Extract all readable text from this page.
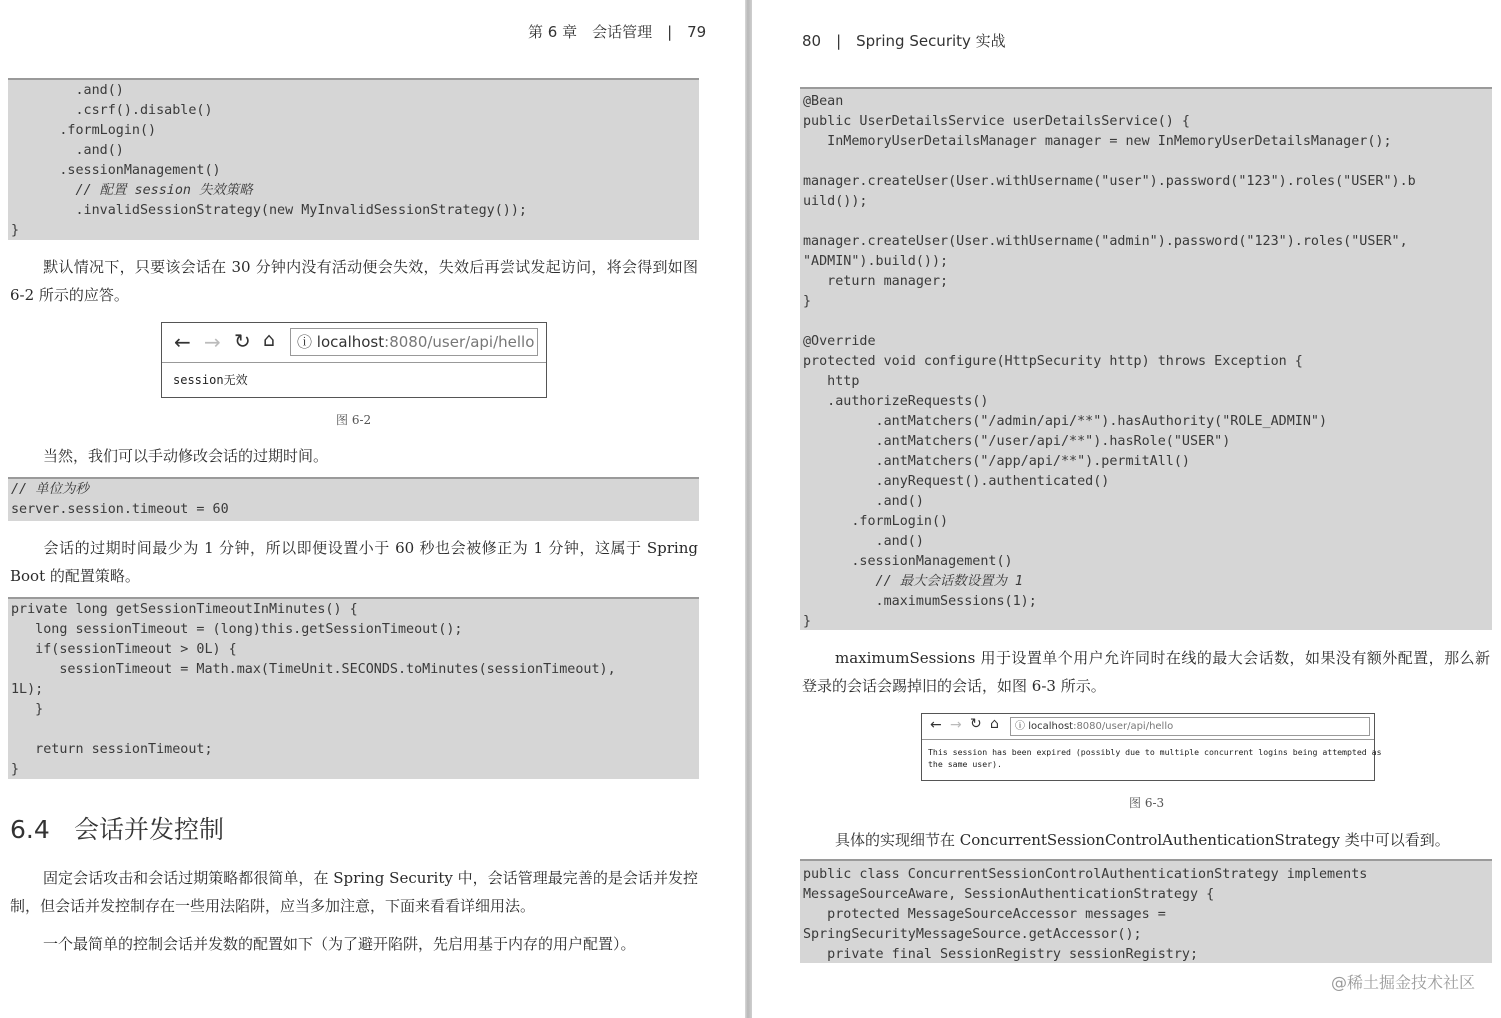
第 6 章　会话管理　|　79
.and()
.csrf().disable()
.formLogin()
.and()
.sessionManagement()
// 配置 session 失效策略
.invalidSessionStrategy(new MyInvalidSessionStrategy());
}

默认情况下，只要该会话在 30 分钟内没有活动便会失效，失效后再尝试发起访问，将会得到如图 6-2 所示的应答。

← → ↻ ⌂	ⓘ localhost:8080/user/api/hello
session无效
图 6-2

当然，我们可以手动修改会话的过期时间。

// 单位为秒
server.session.timeout = 60

会话的过期时间最少为 1 分钟，所以即便设置小于 60 秒也会被修正为 1 分钟，这属于 Spring Boot 的配置策略。

private long getSessionTimeoutInMinutes() {
long sessionTimeout = (long)this.getSessionTimeout();
if(sessionTimeout > 0L) {
sessionTimeout = Math.max(TimeUnit.SECONDS.toMinutes(sessionTimeout),
1L);
}

return sessionTimeout;
}
6.4 会话并发控制

固定会话攻击和会话过期策略都很简单，在 Spring Security 中，会话管理最完善的是会话并发控制，但会话并发控制存在一些用法陷阱，应当多加注意，下面来看看详细用法。

一个最简单的控制会话并发数的配置如下（为了避开陷阱，先启用基于内存的用户配置）。

80　|　Spring Security 实战
@Bean
public UserDetailsService userDetailsService() {
InMemoryUserDetailsManager manager = new InMemoryUserDetailsManager();

manager.createUser(User.withUsername("user").password("123").roles("USER").b
uild());

manager.createUser(User.withUsername("admin").password("123").roles("USER",
"ADMIN").build());
return manager;
}

@Override
protected void configure(HttpSecurity http) throws Exception {
http
.authorizeRequests()
.antMatchers("/admin/api/**").hasAuthority("ROLE_ADMIN")
.antMatchers("/user/api/**").hasRole("USER")
.antMatchers("/app/api/**").permitAll()
.anyRequest().authenticated()
.and()
.formLogin()
.and()
.sessionManagement()
// 最大会话数设置为 1
.maximumSessions(1);
}

maximumSessions 用于设置单个用户允许同时在线的最大会话数，如果没有额外配置，那么新登录的会话会踢掉旧的会话，如图 6-3 所示。

← → ↻ ⌂	ⓘ localhost:8080/user/api/hello
This session has been expired (possibly due to multiple concurrent logins being attempted as
the same user).
图 6-3

具体的实现细节在 ConcurrentSessionControlAuthenticationStrategy 类中可以看到。

public class ConcurrentSessionControlAuthenticationStrategy implements
MessageSourceAware, SessionAuthenticationStrategy {
protected MessageSourceAccessor messages =
SpringSecurityMessageSource.getAccessor();
private final SessionRegistry sessionRegistry;
@稀土掘金技术社区
